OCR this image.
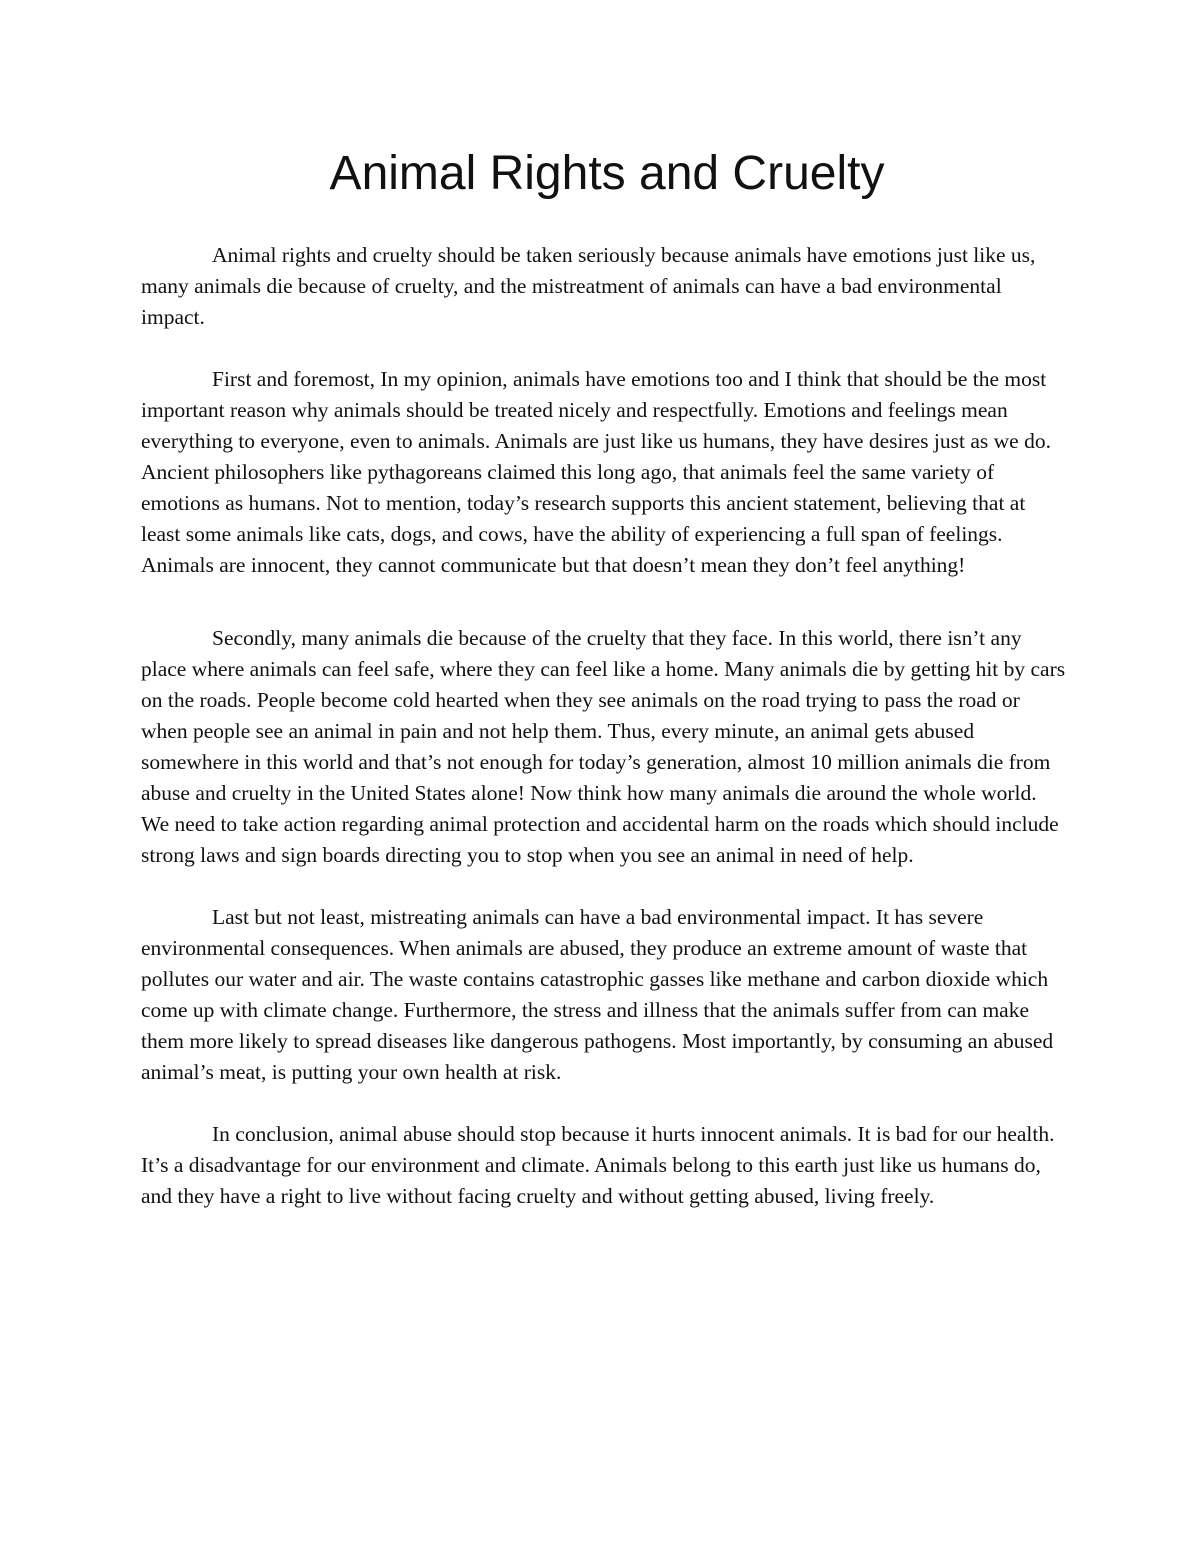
Animal Rights and Cruelty

Animal rights and cruelty should be taken seriously because animals have emotions just like us, many animals die because of cruelty, and the mistreatment of animals can have a bad environmental impact.

First and foremost, In my opinion, animals have emotions too and I think that should be the most important reason why animals should be treated nicely and respectfully. Emotions and feelings mean everything to everyone, even to animals. Animals are just like us humans, they have desires just as we do. Ancient philosophers like pythagoreans claimed this long ago, that animals feel the same variety of emotions as humans. Not to mention, today’s research supports this ancient statement, believing that at least some animals like cats, dogs, and cows, have the ability of experiencing a full span of feelings. Animals are innocent, they cannot communicate but that doesn’t mean they don’t feel anything!

Secondly, many animals die because of the cruelty that they face. In this world, there isn’t any place where animals can feel safe, where they can feel like a home. Many animals die by getting hit by cars on the roads. People become cold hearted when they see animals on the road trying to pass the road or when people see an animal in pain and not help them. Thus, every minute, an animal gets abused somewhere in this world and that’s not enough for today’s generation, almost 10 million animals die from abuse and cruelty in the United States alone! Now think how many animals die around the whole world. We need to take action regarding animal protection and accidental harm on the roads which should include strong laws and sign boards directing you to stop when you see an animal in need of help.

Last but not least, mistreating animals can have a bad environmental impact. It has severe environmental consequences. When animals are abused, they produce an extreme amount of waste that pollutes our water and air. The waste contains catastrophic gasses like methane and carbon dioxide which come up with climate change. Furthermore, the stress and illness that the animals suffer from can make them more likely to spread diseases like dangerous pathogens. Most importantly, by consuming an abused animal’s meat, is putting your own health at risk.

In conclusion, animal abuse should stop because it hurts innocent animals. It is bad for our health. It’s a disadvantage for our environment and climate. Animals belong to this earth just like us humans do, and they have a right to live without facing cruelty and without getting abused, living freely.
